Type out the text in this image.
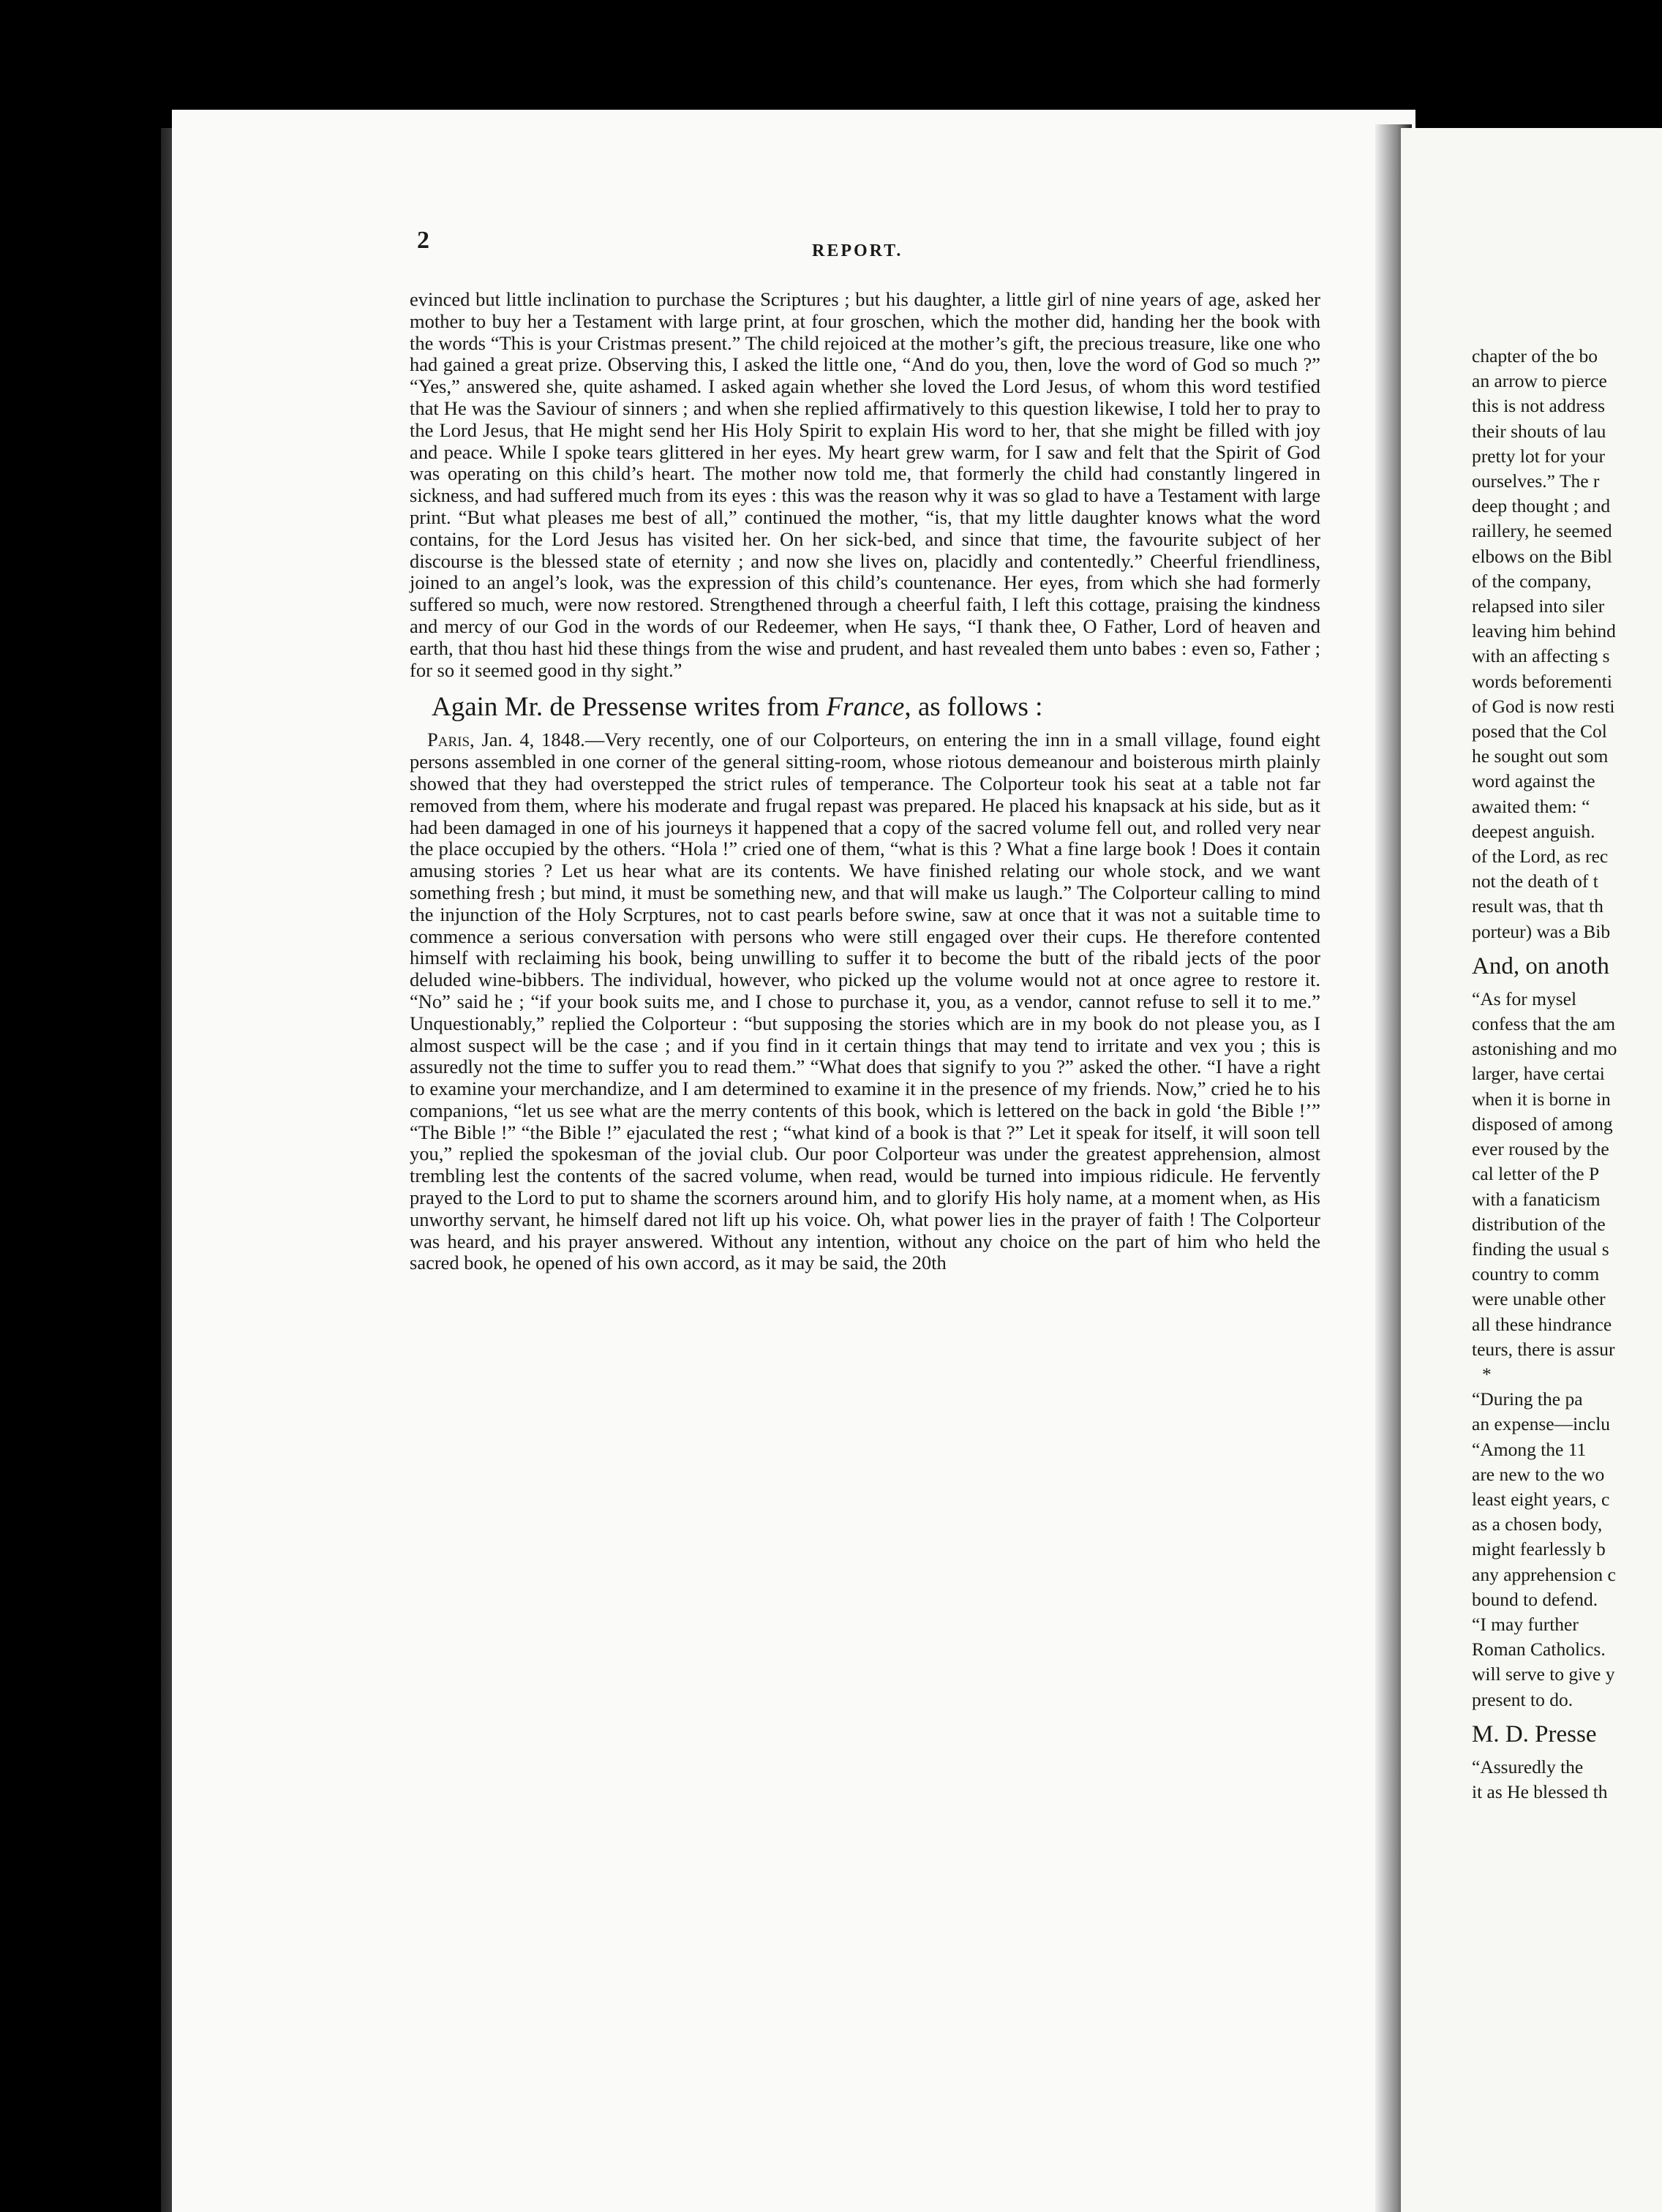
2	REPORT.

evinced but little inclination to purchase the Scriptures ; but his daughter, a little girl of nine years of age, asked her mother to buy her a Testament with large print, at four groschen, which the mother did, handing her the book with the words “This is your Cristmas present.” The child rejoiced at the mother’s gift, the precious treasure, like one who had gained a great prize. Observing this, I asked the little one, “And do you, then, love the word of God so much ?” “Yes,” answered she, quite ashamed. I asked again whether she loved the Lord Jesus, of whom this word testified that He was the Saviour of sinners ; and when she replied affirmatively to this question likewise, I told her to pray to the Lord Jesus, that He might send her His Holy Spirit to explain His word to her, that she might be filled with joy and peace. While I spoke tears glittered in her eyes. My heart grew warm, for I saw and felt that the Spirit of God was operating on this child’s heart. The mother now told me, that formerly the child had constantly lingered in sickness, and had suffered much from its eyes : this was the reason why it was so glad to have a Testament with large print. “But what pleases me best of all,” continued the mother, “is, that my little daughter knows what the word contains, for the Lord Jesus has visited her. On her sick-bed, and since that time, the favourite subject of her discourse is the blessed state of eternity ; and now she lives on, placidly and contentedly.” Cheerful friendliness, joined to an angel’s look, was the expression of this child’s countenance. Her eyes, from which she had formerly suffered so much, were now restored. Strengthened through a cheerful faith, I left this cottage, praising the kindness and mercy of our God in the words of our Redeemer, when He says, “I thank thee, O Father, Lord of heaven and earth, that thou hast hid these things from the wise and prudent, and hast revealed them unto babes : even so, Father ; for so it seemed good in thy sight.”

Again Mr. de Pressense writes from France, as follows :

Paris, Jan. 4, 1848.—Very recently, one of our Colporteurs, on entering the inn in a small village, found eight persons assembled in one corner of the general sitting-room, whose riotous demeanour and boisterous mirth plainly showed that they had overstepped the strict rules of temperance. The Colporteur took his seat at a table not far removed from them, where his moderate and frugal repast was prepared. He placed his knapsack at his side, but as it had been damaged in one of his journeys it happened that a copy of the sacred volume fell out, and rolled very near the place occupied by the others. “Hola !” cried one of them, “what is this ? What a fine large book ! Does it contain amusing stories ? Let us hear what are its contents. We have finished relating our whole stock, and we want something fresh ; but mind, it must be something new, and that will make us laugh.” The Colporteur calling to mind the injunction of the Holy Scrptures, not to cast pearls before swine, saw at once that it was not a suitable time to commence a serious conversation with persons who were still engaged over their cups. He therefore contented himself with reclaiming his book, being unwilling to suffer it to become the butt of the ribald jects of the poor deluded wine-bibbers. The individual, however, who picked up the volume would not at once agree to restore it. “No” said he ; “if your book suits me, and I chose to purchase it, you, as a vendor, cannot refuse to sell it to me.” Unquestionably,” replied the Colporteur : “but supposing the stories which are in my book do not please you, as I almost suspect will be the case ; and if you find in it certain things that may tend to irritate and vex you ; this is assuredly not the time to suffer you to read them.” “What does that signify to you ?” asked the other. “I have a right to examine your merchandize, and I am determined to examine it in the presence of my friends. Now,” cried he to his companions, “let us see what are the merry contents of this book, which is lettered on the back in gold ‘the Bible !’” “The Bible !” “the Bible !” ejaculated the rest ; “what kind of a book is that ?” Let it speak for itself, it will soon tell you,” replied the spokesman of the jovial club. Our poor Colporteur was under the greatest apprehension, almost trembling lest the contents of the sacred volume, when read, would be turned into impious ridicule. He fervently prayed to the Lord to put to shame the scorners around him, and to glorify His holy name, at a moment when, as His unworthy servant, he himself dared not lift up his voice. Oh, what power lies in the prayer of faith ! The Colporteur was heard, and his prayer answered. Without any intention, without any choice on the part of him who held the sacred book, he opened of his own accord, as it may be said, the 20th

chapter of the bo
an arrow to pierce
this is not address
their shouts of lau
pretty lot for your
ourselves.” The r
deep thought ; and
raillery, he seemed
elbows on the Bibl
of the company,
relapsed into siler
leaving him behind
with an affecting s
words beforementi
of God is now resti
posed that the Col
he sought out som
word against the
awaited them: “
deepest anguish.
of the Lord, as rec
not the death of t
result was, that th
porteur) was a Bib
And, on anoth
“As for mysel
confess that the am
astonishing and mo
larger, have certai
when it is borne in
disposed of among
ever roused by the
cal letter of the P
with a fanaticism
distribution of the
finding the usual s
country to comm
were unable other
all these hindrance
teurs, there is assur
*
“During the pa
an expense—inclu
“Among the 11
are new to the wo
least eight years, c
as a chosen body,
might fearlessly b
any apprehension c
bound to defend.
“I may further
Roman Catholics.
will serve to give y
present to do.
M. D. Presse
“Assuredly the
it as He blessed th
